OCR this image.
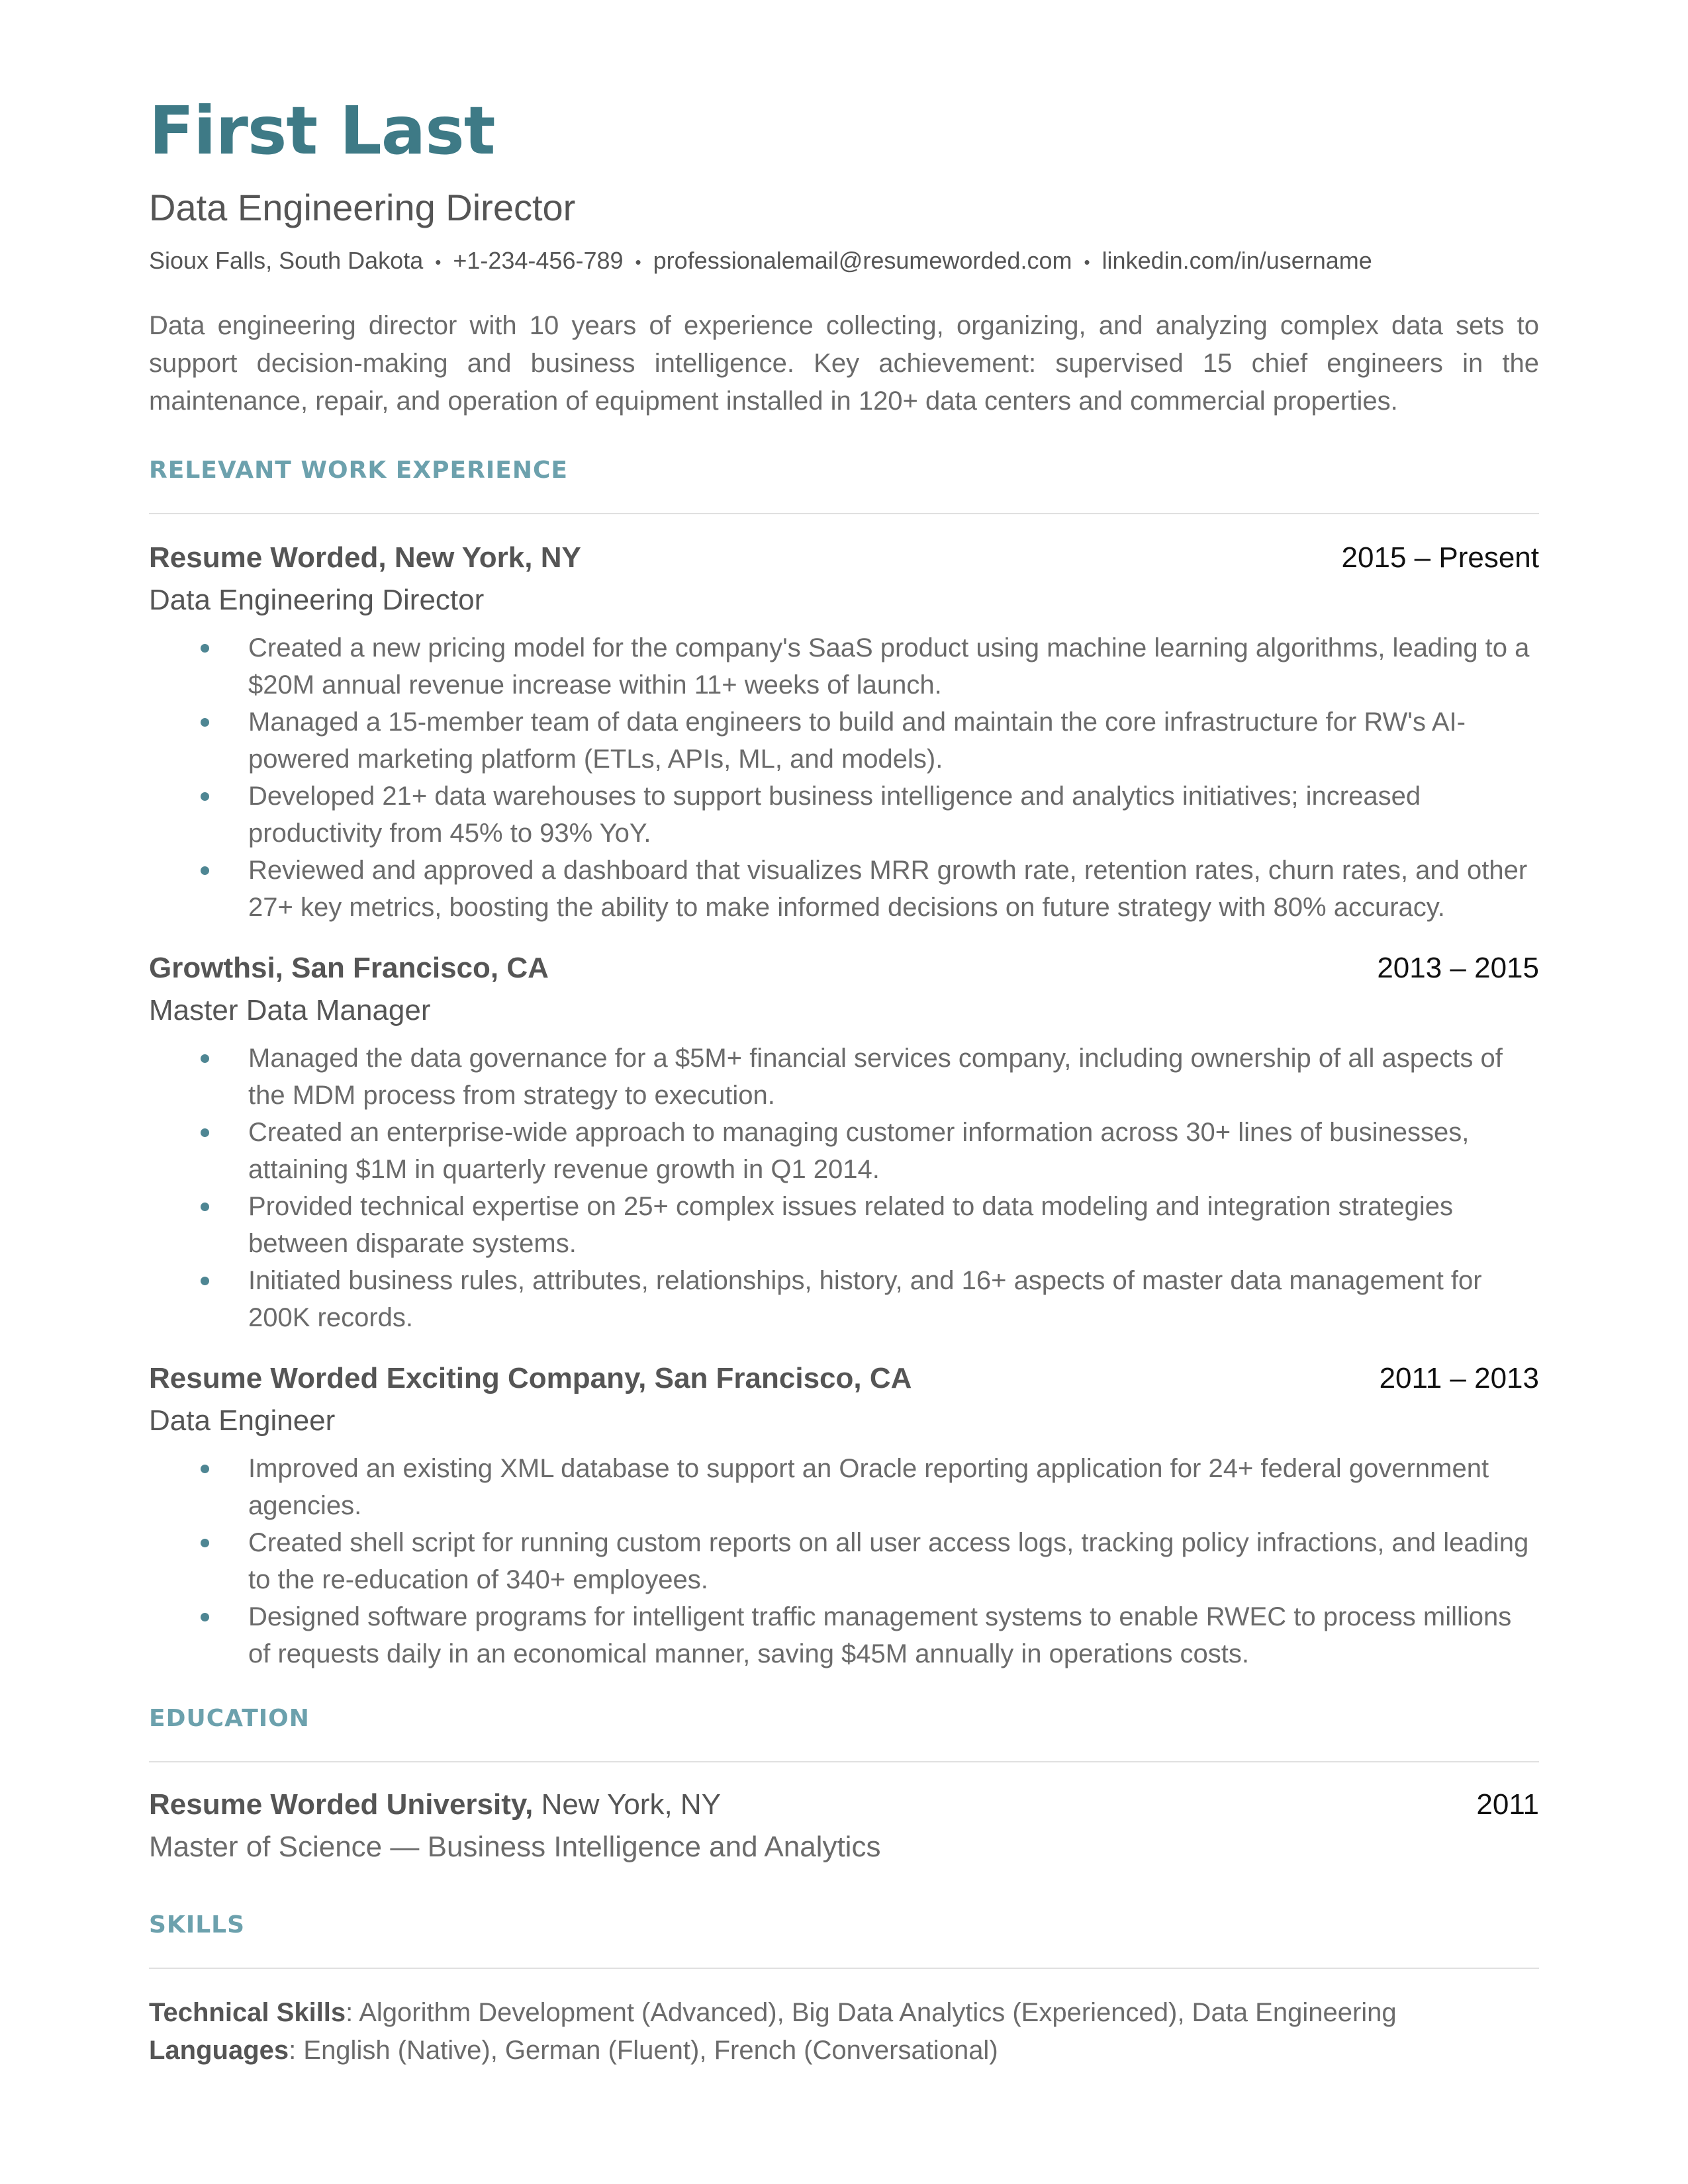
First Last
Data Engineering Director
Sioux Falls, South Dakota • +1-234-456-789 • professionalemail@resumeworded.com • linkedin.com/in/username

Data engineering director with 10 years of experience collecting, organizing, and analyzing complex data sets to support decision-making and business intelligence. Key achievement: supervised 15 chief engineers in the maintenance, repair, and operation of equipment installed in 120+ data centers and commercial properties.

RELEVANT WORK EXPERIENCE
Resume Worded, New York, NY	2015 – Present
Data Engineering Director
Created a new pricing model for the company's SaaS product using machine learning algorithms, leading to a $20M annual revenue increase within 11+ weeks of launch.
Managed a 15-member team of data engineers to build and maintain the core infrastructure for RW's AI-powered marketing platform (ETLs, APIs, ML, and models).
Developed 21+ data warehouses to support business intelligence and analytics initiatives; increased productivity from 45% to 93% YoY.
Reviewed and approved a dashboard that visualizes MRR growth rate, retention rates, churn rates, and other 27+ key metrics, boosting the ability to make informed decisions on future strategy with 80% accuracy.
Growthsi, San Francisco, CA	2013 – 2015
Master Data Manager
Managed the data governance for a $5M+ financial services company, including ownership of all aspects of the MDM process from strategy to execution.
Created an enterprise-wide approach to managing customer information across 30+ lines of businesses, attaining $1M in quarterly revenue growth in Q1 2014.
Provided technical expertise on 25+ complex issues related to data modeling and integration strategies between disparate systems.
Initiated business rules, attributes, relationships, history, and 16+ aspects of master data management for 200K records.
Resume Worded Exciting Company, San Francisco, CA	2011 – 2013
Data Engineer
Improved an existing XML database to support an Oracle reporting application for 24+ federal government agencies.
Created shell script for running custom reports on all user access logs, tracking policy infractions, and leading to the re-education of 340+ employees.
Designed software programs for intelligent traffic management systems to enable RWEC to process millions of requests daily in an economical manner, saving $45M annually in operations costs.
EDUCATION
Resume Worded University, New York, NY	2011
Master of Science — Business Intelligence and Analytics
SKILLS
Technical Skills: Algorithm Development (Advanced), Big Data Analytics (Experienced), Data Engineering
Languages: English (Native), German (Fluent), French (Conversational)
